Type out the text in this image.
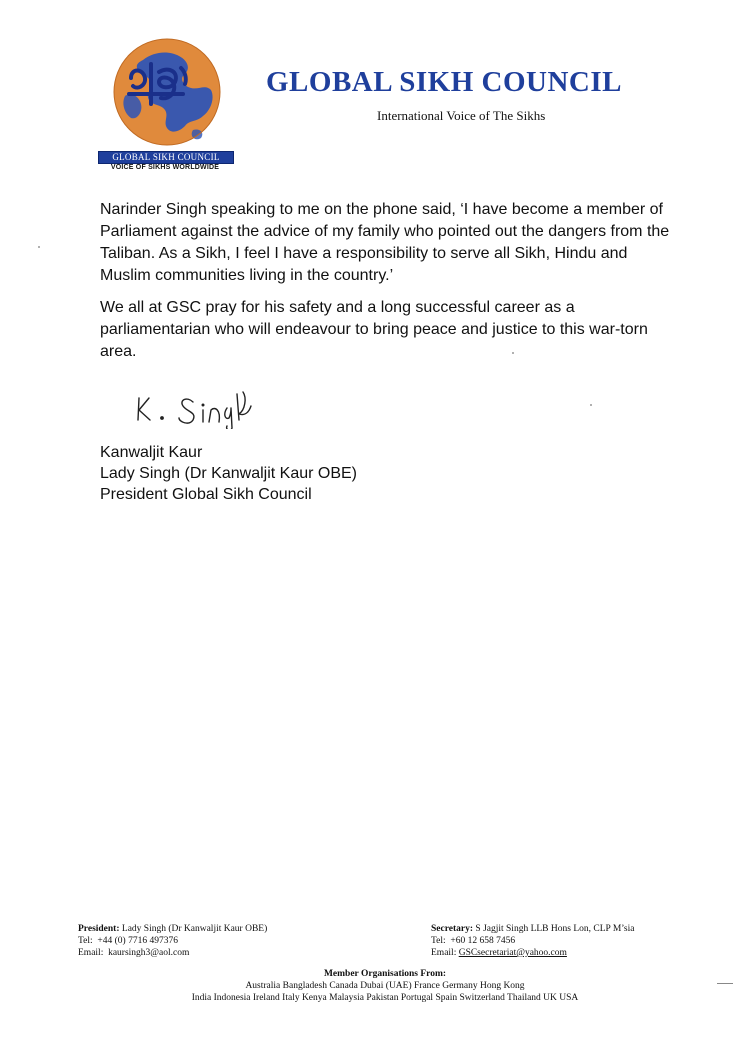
GLOBAL SIKH COUNCIL
VOICE OF SIKHS WORLDWIDE
GLOBAL SIKH COUNCIL
International Voice of The Sikhs

Narinder Singh speaking to me on the phone said, ‘I have become a member of Parliament against the advice of my family who pointed out the dangers from the Taliban. As a Sikh, I feel I have a responsibility to serve all Sikh, Hindu and Muslim communities living in the country.’

We all at GSC pray for his safety and a long successful career as a parliamentarian who will endeavour to bring peace and justice to this war-torn area.

Kanwaljit Kaur
Lady Singh (Dr Kanwaljit Kaur OBE)
President Global Sikh Council
President: Lady Singh (Dr Kanwaljit Kaur OBE)
Tel: +44 (0) 7716 497376
Email: kaursingh3@aol.com
Secretary: S Jagjit Singh LLB Hons Lon, CLP M’sia
Tel: +60 12 658 7456
Email: GSCsecretariat@yahoo.com
Member Organisations From:
Australia Bangladesh Canada Dubai (UAE) France Germany Hong Kong
India Indonesia Ireland Italy Kenya Malaysia Pakistan Portugal Spain Switzerland Thailand UK USA
